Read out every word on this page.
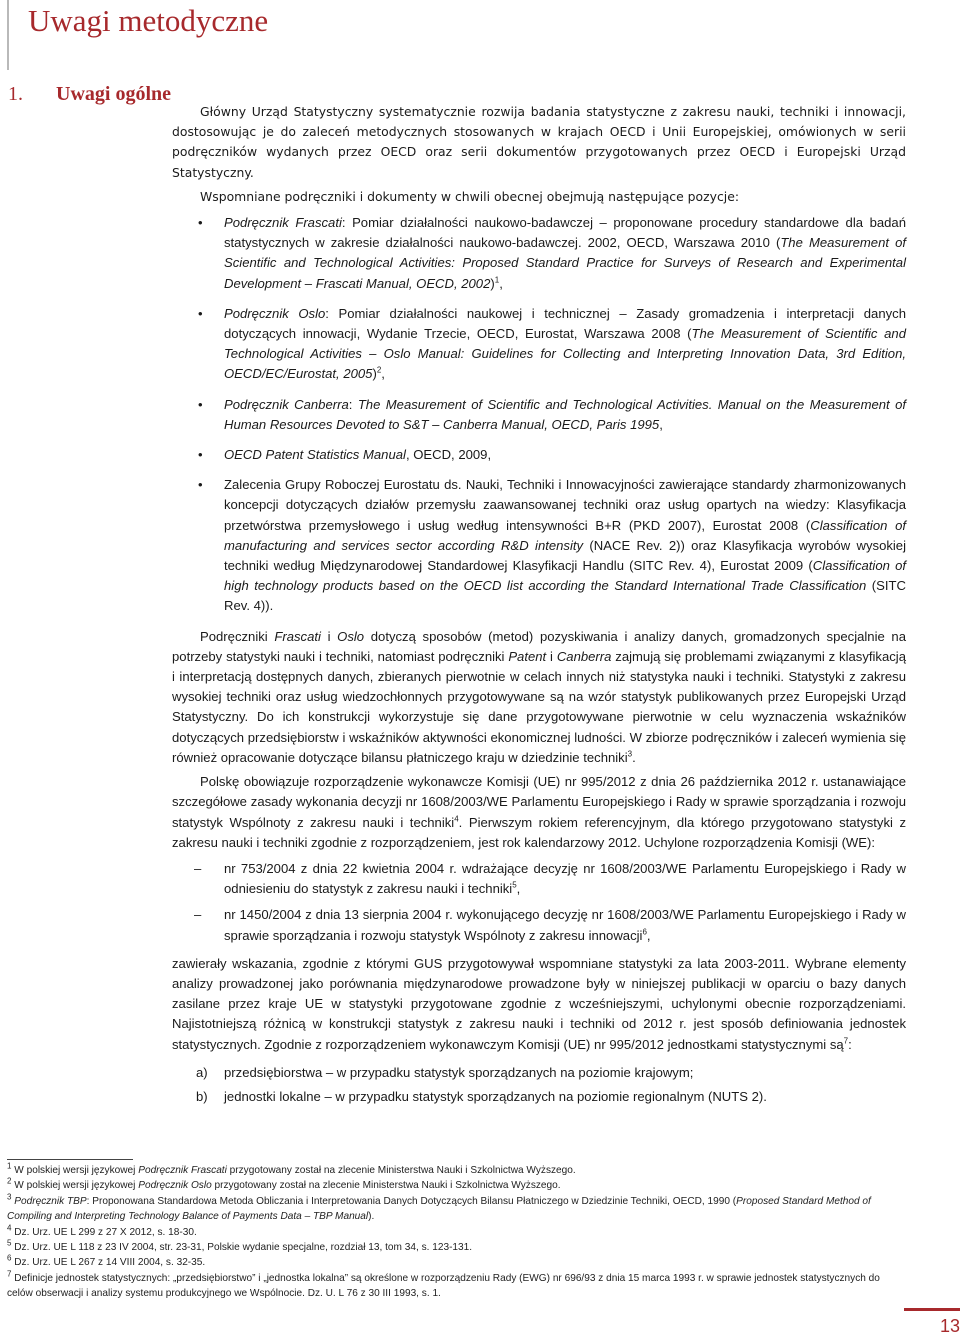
Uwagi metodyczne
1. Uwagi ogólne

Główny Urząd Statystyczny systematycznie rozwija badania statystyczne z zakresu nauki, techniki i innowacji, dostosowując je do zaleceń metodycznych stosowanych w krajach OECD i Unii Europejskiej, omówionych w serii podręczników wydanych przez OECD oraz serii dokumentów przygotowanych przez OECD i Europejski Urząd Statystyczny.

Wspomniane podręczniki i dokumenty w chwili obecnej obejmują następujące pozycje:

• Podręcznik Frascati: Pomiar działalności naukowo-badawczej – proponowane procedury standardowe dla badań statystycznych w zakresie działalności naukowo-badawczej. 2002, OECD, Warszawa 2010 (The Measurement of Scientific and Technological Activities: Proposed Standard Practice for Surveys of Research and Experimental Development – Frascati Manual, OECD, 2002)$^1$,
• Podręcznik Oslo: Pomiar działalności naukowej i technicznej – Zasady gromadzenia i interpretacji danych dotyczących innowacji, Wydanie Trzecie, OECD, Eurostat, Warszawa 2008 (The Measurement of Scientific and Technological Activities – Oslo Manual: Guidelines for Collecting and Interpreting Innovation Data, 3rd Edition, OECD/EC/Eurostat, 2005)$^2$,
• Podręcznik Canberra: The Measurement of Scientific and Technological Activities. Manual on the Measurement of Human Resources Devoted to S&T – Canberra Manual, OECD, Paris 1995,
• OECD Patent Statistics Manual, OECD, 2009,
• Zalecenia Grupy Roboczej Eurostatu ds. Nauki, Techniki i Innowacyjności zawierające standardy zharmonizowanych koncepcji dotyczących działów przemysłu zaawansowanej techniki oraz usług opartych na wiedzy: Klasyfikacja przetwórstwa przemysłowego i usług według intensywności B+R (PKD 2007), Eurostat 2008 (Classification of manufacturing and services sector according R&D intensity (NACE Rev. 2)) oraz Klasyfikacja wyrobów wysokiej techniki według Międzynarodowej Standardowej Klasyfikacji Handlu (SITC Rev. 4), Eurostat 2009 (Classification of high technology products based on the OECD list according the Standard International Trade Classification (SITC Rev. 4)).

Podręczniki Frascati i Oslo dotyczą sposobów (metod) pozyskiwania i analizy danych, gromadzonych specjalnie na potrzeby statystyki nauki i techniki, natomiast podręczniki Patent i Canberra zajmują się problemami związanymi z klasyfikacją i interpretacją dostępnych danych, zbieranych pierwotnie w celach innych niż statystyka nauki i techniki. Statystyki z zakresu wysokiej techniki oraz usług wiedzochłonnych przygotowywane są na wzór statystyk publikowanych przez Europejski Urząd Statystyczny. Do ich konstrukcji wykorzystuje się dane przygotowywane pierwotnie w celu wyznaczenia wskaźników dotyczących przedsiębiorstw i wskaźników aktywności ekonomicznej ludności. W zbiorze podręczników i zaleceń wymienia się również opracowanie dotyczące bilansu płatniczego kraju w dziedzinie techniki$^3$.

Polskę obowiązuje rozporządzenie wykonawcze Komisji (UE) nr 995/2012 z dnia 26 października 2012 r. ustanawiające szczegółowe zasady wykonania decyzji nr 1608/2003/WE Parlamentu Europejskiego i Rady w sprawie sporządzania i rozwoju statystyk Wspólnoty z zakresu nauki i techniki$^4$. Pierwszym rokiem referencyjnym, dla którego przygotowano statystyki z zakresu nauki i techniki zgodnie z rozporządzeniem, jest rok kalendarzowy 2012. Uchylone rozporządzenia Komisji (WE):

– nr 753/2004 z dnia 22 kwietnia 2004 r. wdrażające decyzję nr 1608/2003/WE Parlamentu Europejskiego i Rady w odniesieniu do statystyk z zakresu nauki i techniki$^5$,
– nr 1450/2004 z dnia 13 sierpnia 2004 r. wykonującego decyzję nr 1608/2003/WE Parlamentu Europejskiego i Rady w sprawie sporządzania i rozwoju statystyk Wspólnoty z zakresu innowacji$^6$,

zawierały wskazania, zgodnie z którymi GUS przygotowywał wspomniane statystyki za lata 2003-2011. Wybrane elementy analizy prowadzonej jako porównania międzynarodowe prowadzone były w niniejszej publikacji w oparciu o bazy danych zasilane przez kraje UE w statystyki przygotowane zgodnie z wcześniejszymi, uchylonymi obecnie rozporządzeniami. Najistotniejszą różnicą w konstrukcji statystyk z zakresu nauki i techniki od 2012 r. jest sposób definiowania jednostek statystycznych. Zgodnie z rozporządzeniem wykonawczym Komisji (UE) nr 995/2012 jednostkami statystycznymi $są^7$:

a) przedsiębiorstwa – w przypadku statystyk sporządzanych na poziomie krajowym;
b) jednostki lokalne – w przypadku statystyk sporządzanych na poziomie regionalnym (NUTS 2).

$^1$ W polskiej wersji językowej Podręcznik Frascati przygotowany został na zlecenie Ministerstwa Nauki i Szkolnictwa Wyższego.

$^2$ W polskiej wersji językowej Podręcznik Oslo przygotowany został na zlecenie Ministerstwa Nauki i Szkolnictwa Wyższego.

$^3$ Podręcznik TBP: Proponowana Standardowa Metoda Obliczania i Interpretowania Danych Dotyczących Bilansu Płatniczego w Dziedzinie Techniki, OECD, 1990 (Proposed Standard Method of Compiling and Interpreting Technology Balance of Payments Data – TBP Manual).

$^4$ Dz. Urz. UE L 299 z 27 X 2012, s. 18-30.

$^5$ Dz. Urz. UE L 118 z 23 IV 2004, str. 23-31, Polskie wydanie specjalne, rozdział 13, tom 34, s. 123-131.

$^6$ Dz. Urz. UE L 267 z 14 VIII 2004, s. 32-35.

$^7$ Definicje jednostek statystycznych: „przedsiębiorstwo” i „jednostka lokalna” są określone w rozporządzeniu Rady (EWG) nr 696/93 z dnia 15 marca 1993 r. w sprawie jednostek statystycznych do celów obserwacji i analizy systemu produkcyjnego we Wspólnocie. Dz. U. L 76 z 30 III 1993, s. 1.

13
